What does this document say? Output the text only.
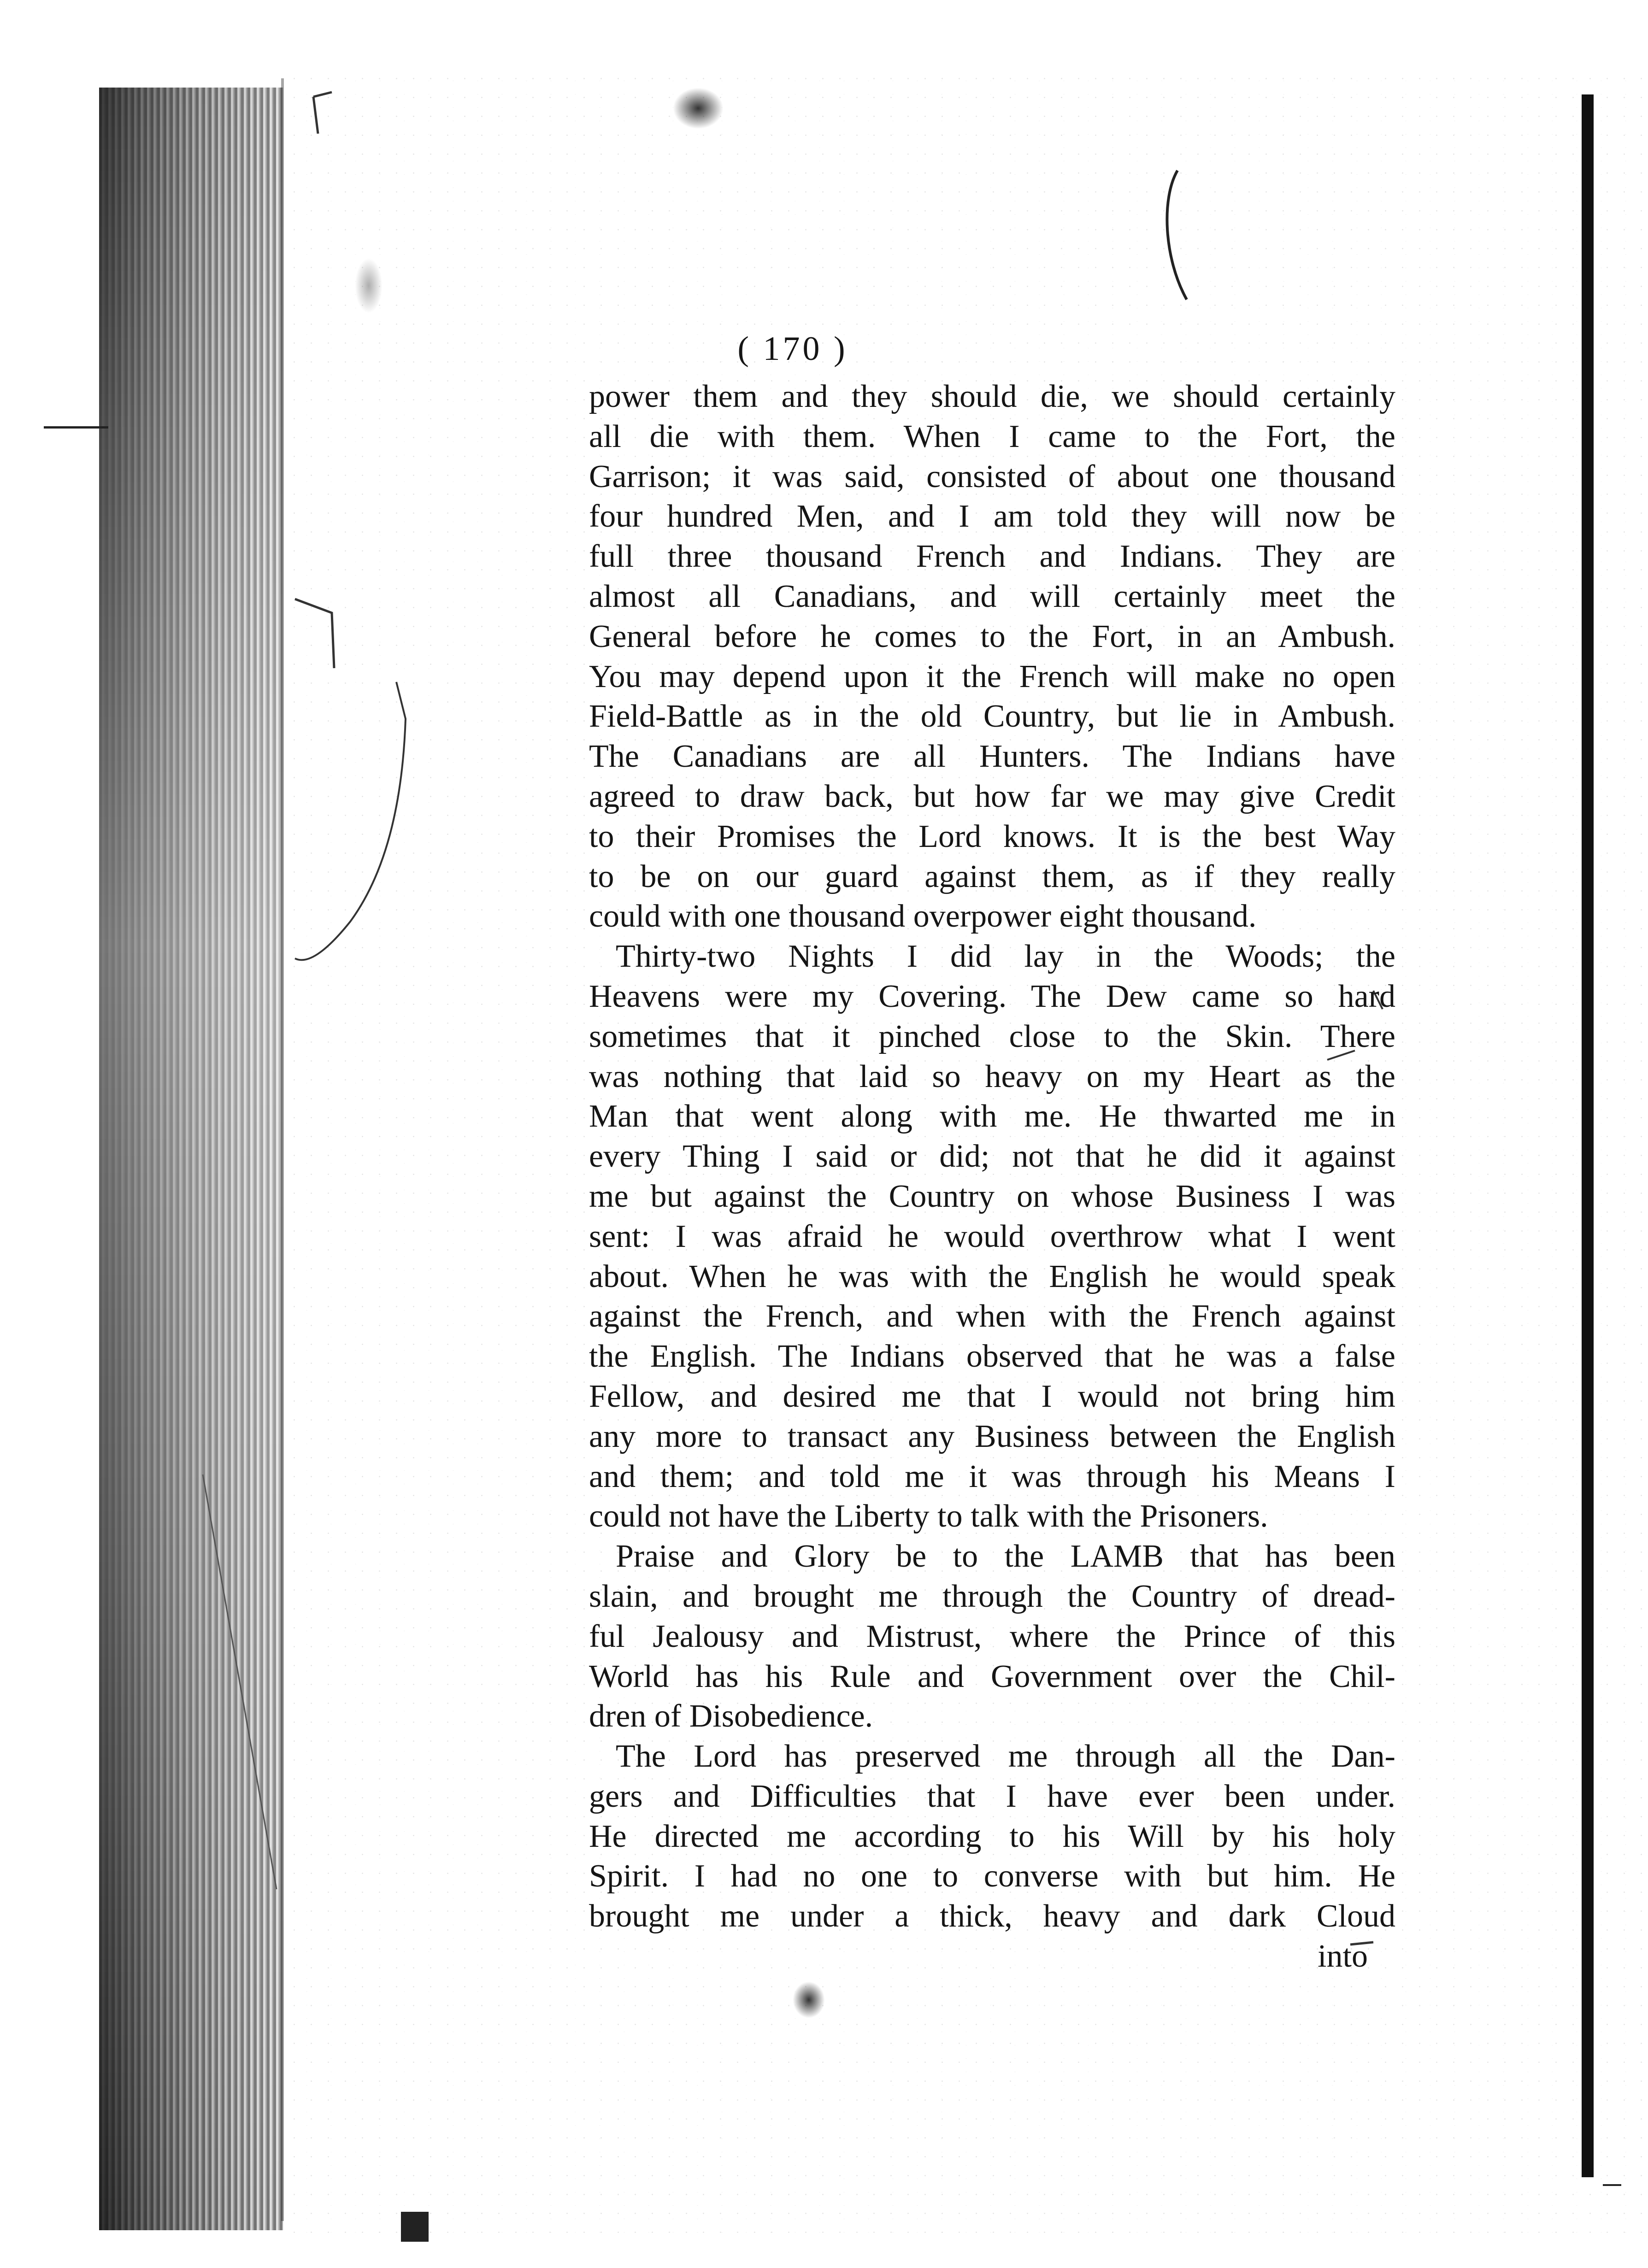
( 170 )
power them and they should die, we should certainly
all die with them. When I came to the Fort, the
Garrison; it was said, consisted of about one thousand
four hundred Men, and I am told they will now be
full three thousand French and Indians. They are
almost all Canadians, and will certainly meet the
General before he comes to the Fort, in an Ambush.
You may depend upon it the French will make no open
Field-Battle as in the old Country, but lie in Ambush.
The Canadians are all Hunters. The Indians have
agreed to draw back, but how far we may give Credit
to their Promises the Lord knows. It is the best Way
to be on our guard against them, as if they really
could with one thousand overpower eight thousand.
Thirty-two Nights I did lay in the Woods; the
Heavens were my Covering. The Dew came so hard
sometimes that it pinched close to the Skin. There
was nothing that laid so heavy on my Heart as the
Man that went along with me. He thwarted me in
every Thing I said or did; not that he did it against
me but against the Country on whose Business I was
sent: I was afraid he would overthrow what I went
about. When he was with the English he would speak
against the French, and when with the French against
the English. The Indians observed that he was a false
Fellow, and desired me that I would not bring him
any more to transact any Business between the English
and them; and told me it was through his Means I
could not have the Liberty to talk with the Prisoners.
Praise and Glory be to the LAMB that has been
slain, and brought me through the Country of dread-
ful Jealousy and Mistrust, where the Prince of this
World has his Rule and Government over the Chil-
dren of Disobedience.
The Lord has preserved me through all the Dan-
gers and Difficulties that I have ever been under.
He directed me according to his Will by his holy
Spirit. I had no one to converse with but him. He
brought me under a thick, heavy and dark Cloud
into
